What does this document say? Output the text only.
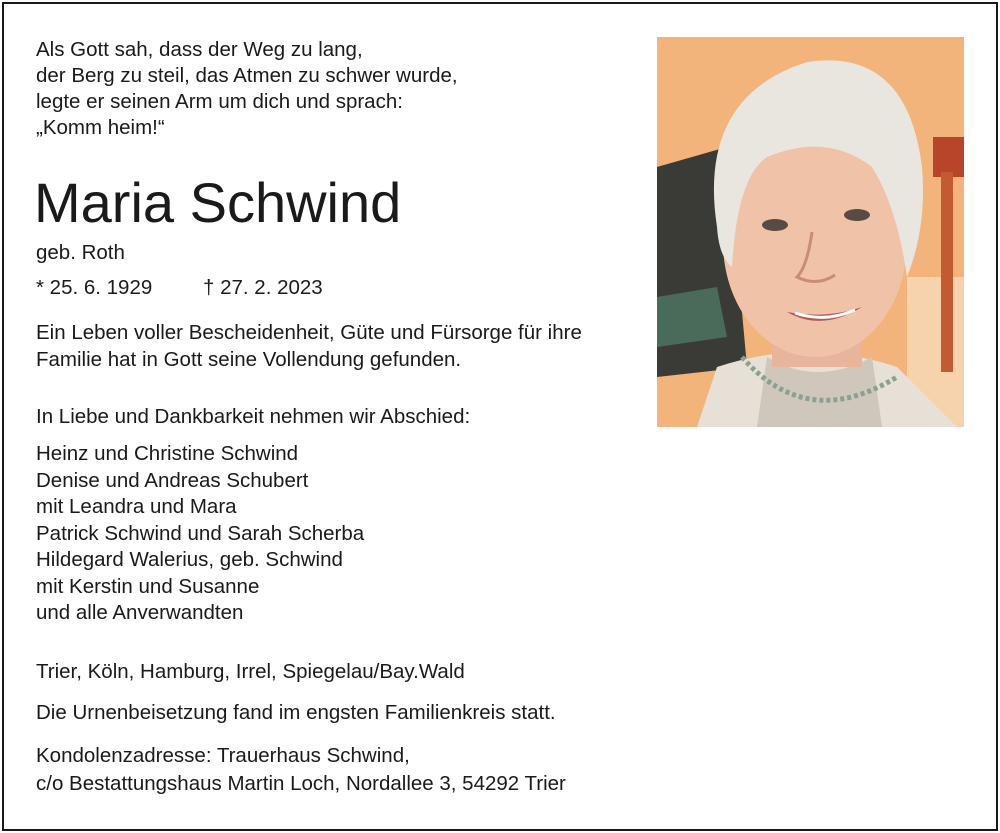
Als Gott sah, dass der Weg zu lang,
der Berg zu steil, das Atmen zu schwer wurde,
legte er seinen Arm um dich und sprach:
„Komm heim!“
Maria Schwind
geb. Roth
* 25. 6. 1929 † 27. 2. 2023
Ein Leben voller Bescheidenheit, Güte und Fürsorge für ihre
Familie hat in Gott seine Vollendung gefunden.
In Liebe und Dankbarkeit nehmen wir Abschied:
Heinz und Christine Schwind
Denise und Andreas Schubert
mit Leandra und Mara
Patrick Schwind und Sarah Scherba
Hildegard Walerius, geb. Schwind
mit Kerstin und Susanne
und alle Anverwandten
Trier, Köln, Hamburg, Irrel, Spiegelau/Bay.Wald
Die Urnenbeisetzung fand im engsten Familienkreis statt.
Kondolenzadresse: Trauerhaus Schwind,
c/o Bestattungshaus Martin Loch, Nordallee 3, 54292 Trier
